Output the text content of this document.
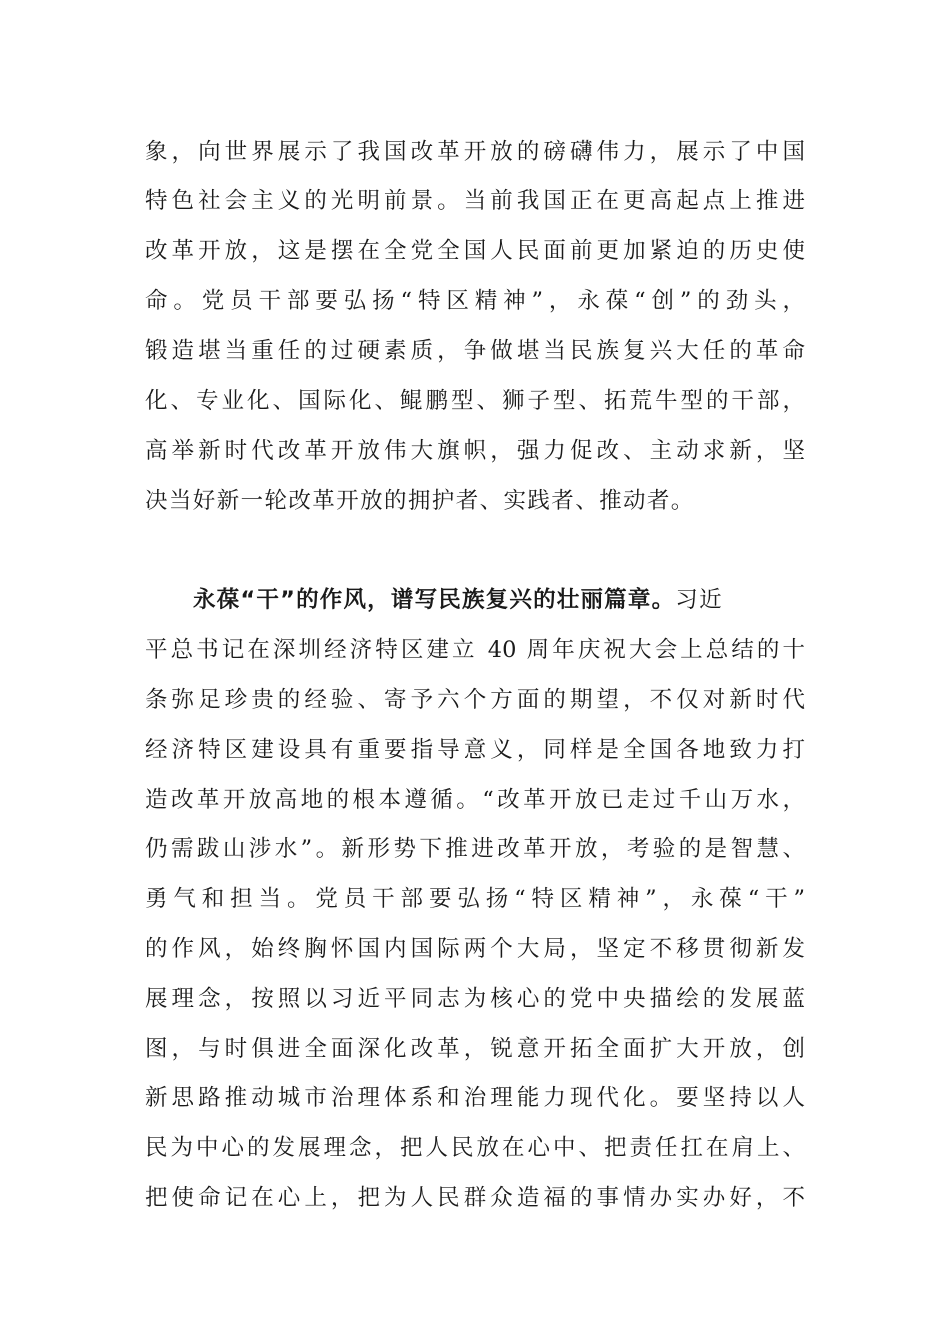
象，向世界展示了我国改革开放的磅礴伟力，展示了中国
特色社会主义的光明前景。当前我国正在更高起点上推进
改革开放，这是摆在全党全国人民面前更加紧迫的历史使
命。党员干部要弘扬“特区精神”，永葆“创”的劲头，
锻造堪当重任的过硬素质，争做堪当民族复兴大任的革命
化、专业化、国际化、鲲鹏型、狮子型、拓荒牛型的干部，
高举新时代改革开放伟大旗帜，强力促改、主动求新，坚
决当好新一轮改革开放的拥护者、实践者、推动者。
永葆“干”的作风，谱写民族复兴的壮丽篇章。习近
平总书记在深圳经济特区建立 40 周年庆祝大会上总结的十
条弥足珍贵的经验、寄予六个方面的期望，不仅对新时代
经济特区建设具有重要指导意义，同样是全国各地致力打
造改革开放高地的根本遵循。“改革开放已走过千山万水，
仍需跋山涉水”。新形势下推进改革开放，考验的是智慧、
勇气和担当。党员干部要弘扬“特区精神”，永葆“干”
的作风，始终胸怀国内国际两个大局，坚定不移贯彻新发
展理念，按照以习近平同志为核心的党中央描绘的发展蓝
图，与时俱进全面深化改革，锐意开拓全面扩大开放，创
新思路推动城市治理体系和治理能力现代化。要坚持以人
民为中心的发展理念，把人民放在心中、把责任扛在肩上、
把使命记在心上，把为人民群众造福的事情办实办好，不
